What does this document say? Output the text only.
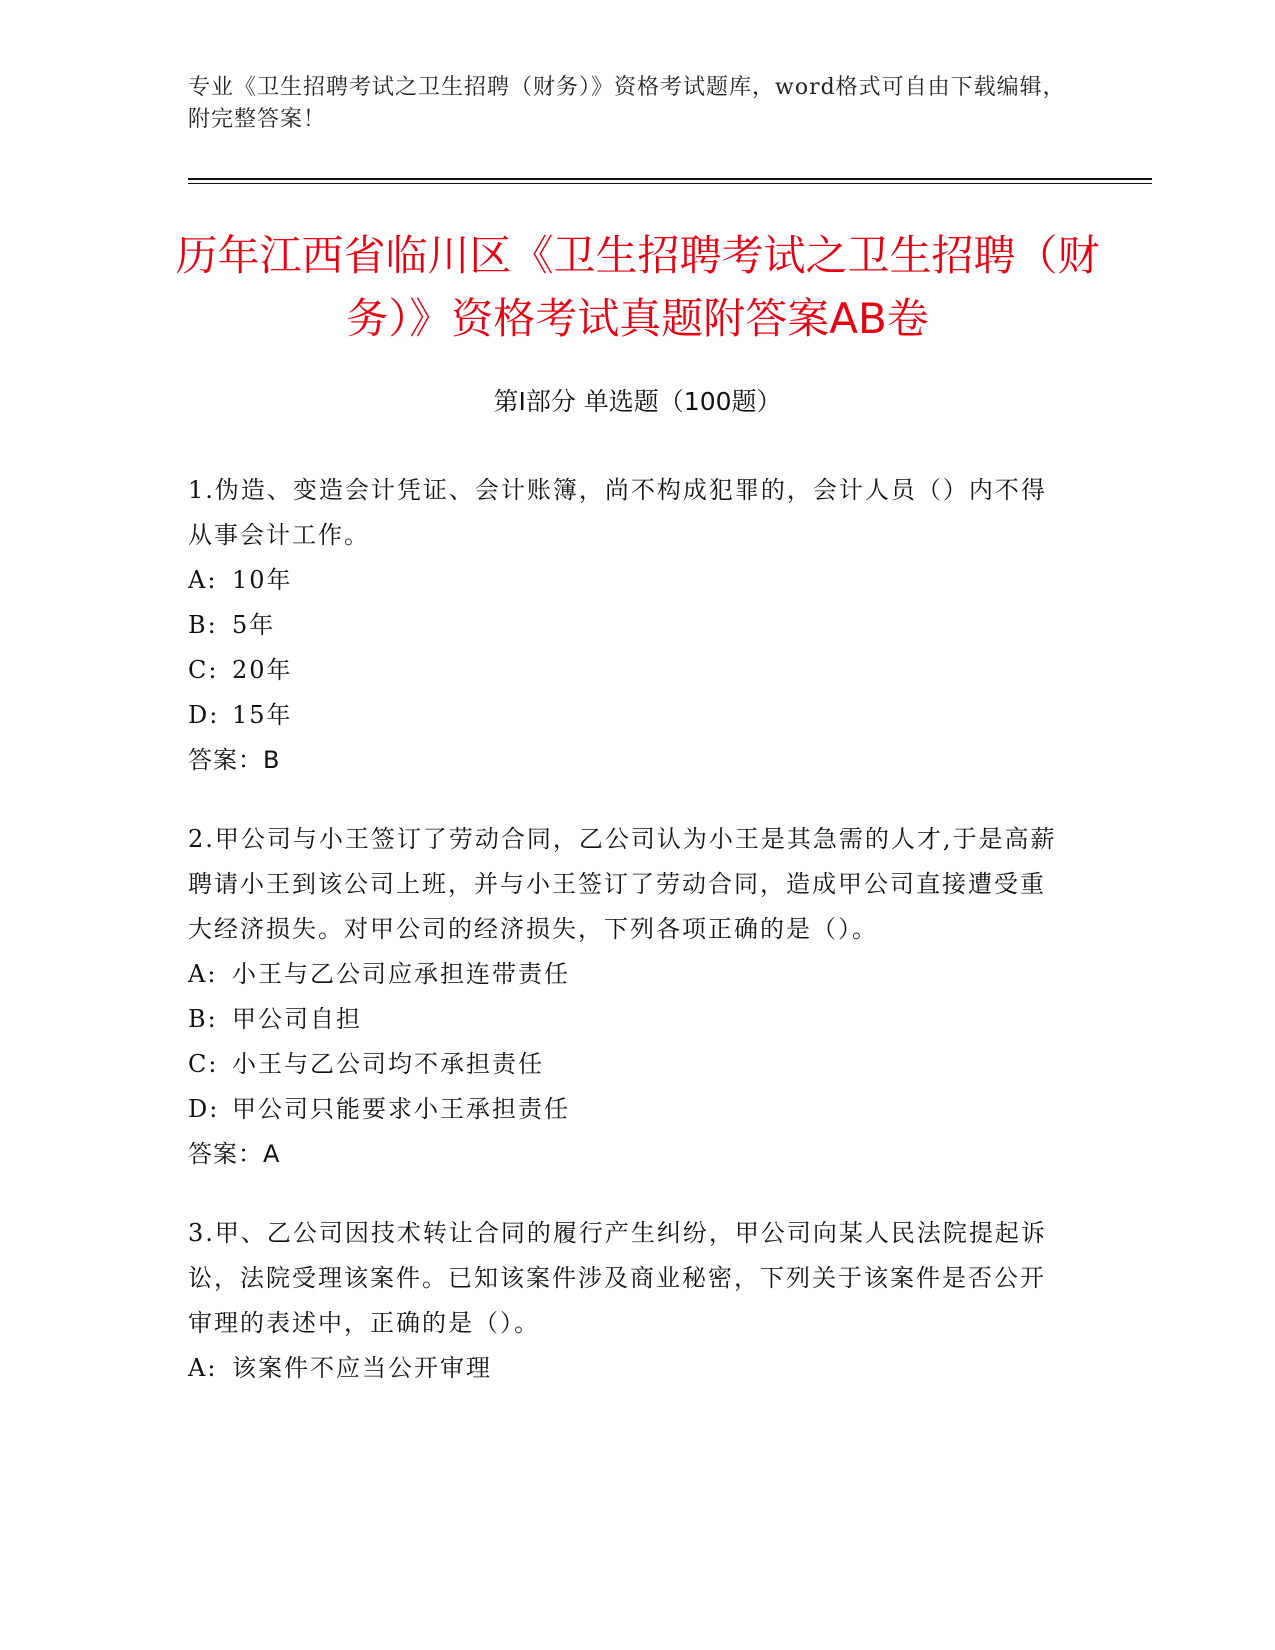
专业《卫生招聘考试之卫生招聘（财务）》资格考试题库，word格式可自由下载编辑，附完整答案！
历年江西省临川区《卫生招聘考试之卫生招聘（财务）》资格考试真题附答案AB卷
第I部分 单选题（100题）

1.伪造、变造会计凭证、会计账簿，尚不构成犯罪的，会计人员（）内不得从事会计工作。

A: 10年

B: 5年

C: 20年

D: 15年

答案：B

2.甲公司与小王签订了劳动合同，乙公司认为小王是其急需的人才,于是高薪聘请小王到该公司上班，并与小王签订了劳动合同，造成甲公司直接遭受重大经济损失。对甲公司的经济损失，下列各项正确的是（）。

A: 小王与乙公司应承担连带责任

B: 甲公司自担

C: 小王与乙公司均不承担责任

D: 甲公司只能要求小王承担责任

答案：A

3.甲、乙公司因技术转让合同的履行产生纠纷，甲公司向某人民法院提起诉讼，法院受理该案件。已知该案件涉及商业秘密，下列关于该案件是否公开审理的表述中，正确的是（）。

A: 该案件不应当公开审理
